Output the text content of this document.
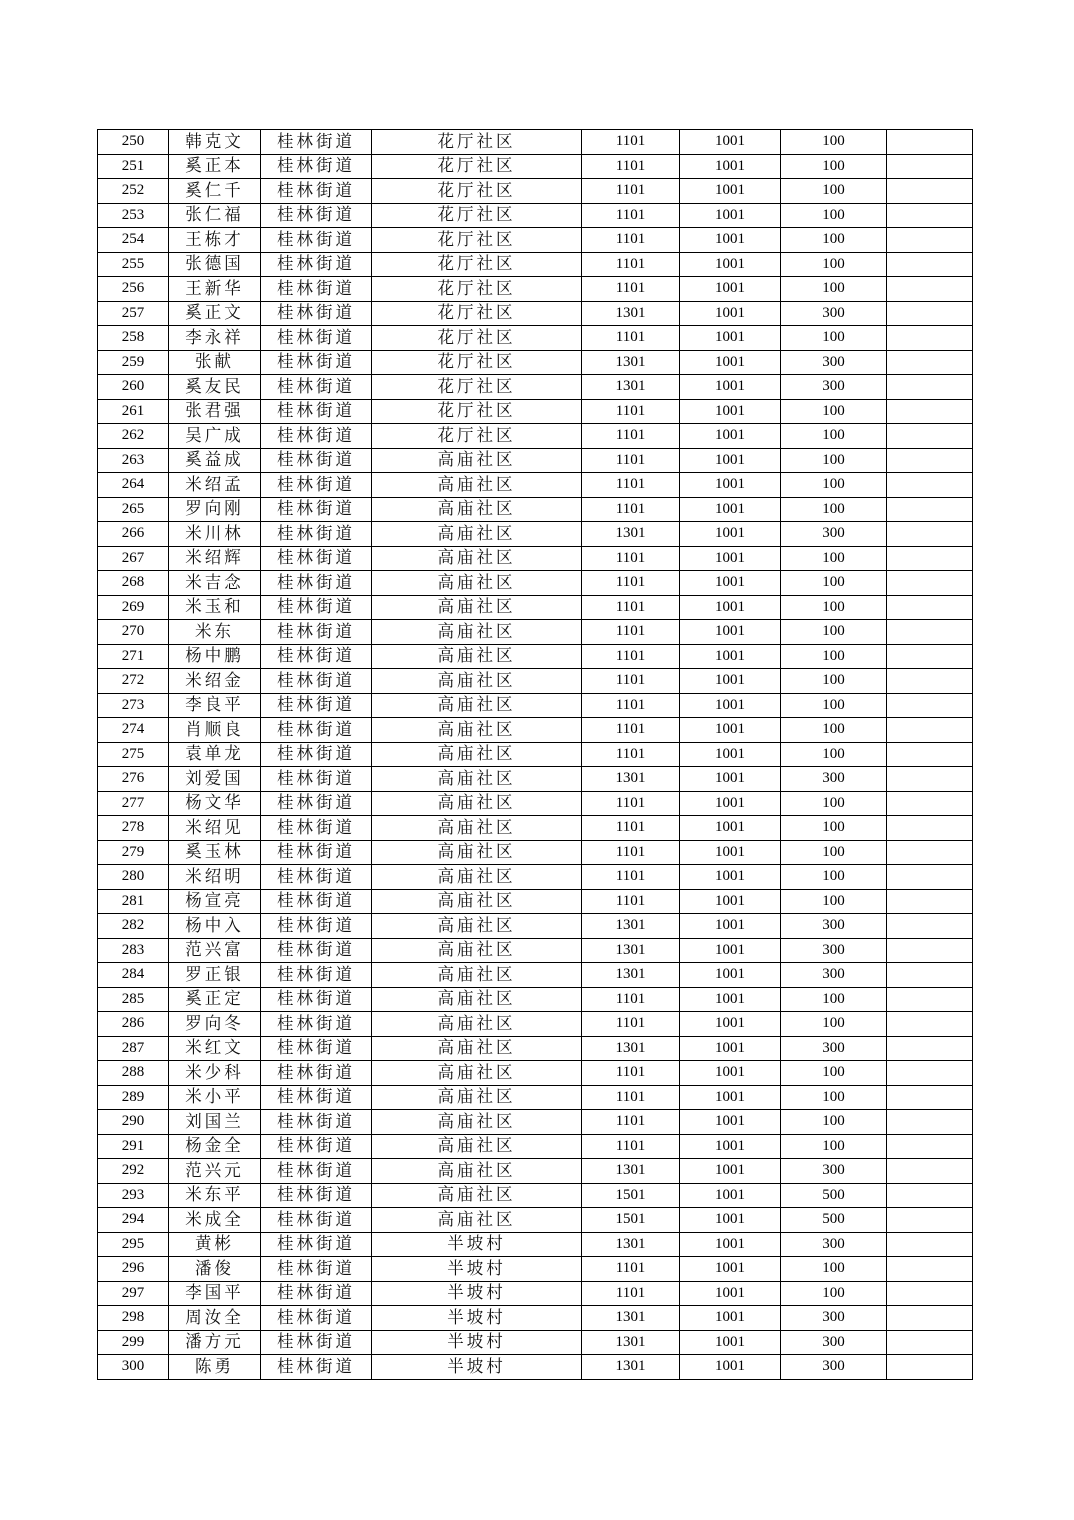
250	韩克文	桂林街道	花厅社区	1101	1001	100	
251	奚正本	桂林街道	花厅社区	1101	1001	100	
252	奚仁千	桂林街道	花厅社区	1101	1001	100	
253	张仁福	桂林街道	花厅社区	1101	1001	100	
254	王栋才	桂林街道	花厅社区	1101	1001	100	
255	张德国	桂林街道	花厅社区	1101	1001	100	
256	王新华	桂林街道	花厅社区	1101	1001	100	
257	奚正文	桂林街道	花厅社区	1301	1001	300	
258	李永祥	桂林街道	花厅社区	1101	1001	100	
259	张献	桂林街道	花厅社区	1301	1001	300	
260	奚友民	桂林街道	花厅社区	1301	1001	300	
261	张君强	桂林街道	花厅社区	1101	1001	100	
262	吴广成	桂林街道	花厅社区	1101	1001	100	
263	奚益成	桂林街道	高庙社区	1101	1001	100	
264	米绍孟	桂林街道	高庙社区	1101	1001	100	
265	罗向刚	桂林街道	高庙社区	1101	1001	100	
266	米川林	桂林街道	高庙社区	1301	1001	300	
267	米绍辉	桂林街道	高庙社区	1101	1001	100	
268	米吉念	桂林街道	高庙社区	1101	1001	100	
269	米玉和	桂林街道	高庙社区	1101	1001	100	
270	米东	桂林街道	高庙社区	1101	1001	100	
271	杨中鹏	桂林街道	高庙社区	1101	1001	100	
272	米绍金	桂林街道	高庙社区	1101	1001	100	
273	李良平	桂林街道	高庙社区	1101	1001	100	
274	肖顺良	桂林街道	高庙社区	1101	1001	100	
275	袁单龙	桂林街道	高庙社区	1101	1001	100	
276	刘爱国	桂林街道	高庙社区	1301	1001	300	
277	杨文华	桂林街道	高庙社区	1101	1001	100	
278	米绍见	桂林街道	高庙社区	1101	1001	100	
279	奚玉林	桂林街道	高庙社区	1101	1001	100	
280	米绍明	桂林街道	高庙社区	1101	1001	100	
281	杨宣亮	桂林街道	高庙社区	1101	1001	100	
282	杨中入	桂林街道	高庙社区	1301	1001	300	
283	范兴富	桂林街道	高庙社区	1301	1001	300	
284	罗正银	桂林街道	高庙社区	1301	1001	300	
285	奚正定	桂林街道	高庙社区	1101	1001	100	
286	罗向冬	桂林街道	高庙社区	1101	1001	100	
287	米红文	桂林街道	高庙社区	1301	1001	300	
288	米少科	桂林街道	高庙社区	1101	1001	100	
289	米小平	桂林街道	高庙社区	1101	1001	100	
290	刘国兰	桂林街道	高庙社区	1101	1001	100	
291	杨金全	桂林街道	高庙社区	1101	1001	100	
292	范兴元	桂林街道	高庙社区	1301	1001	300	
293	米东平	桂林街道	高庙社区	1501	1001	500	
294	米成全	桂林街道	高庙社区	1501	1001	500	
295	黄彬	桂林街道	半坡村	1301	1001	300	
296	潘俊	桂林街道	半坡村	1101	1001	100	
297	李国平	桂林街道	半坡村	1101	1001	100	
298	周汝全	桂林街道	半坡村	1301	1001	300	
299	潘方元	桂林街道	半坡村	1301	1001	300	
300	陈勇	桂林街道	半坡村	1301	1001	300	
